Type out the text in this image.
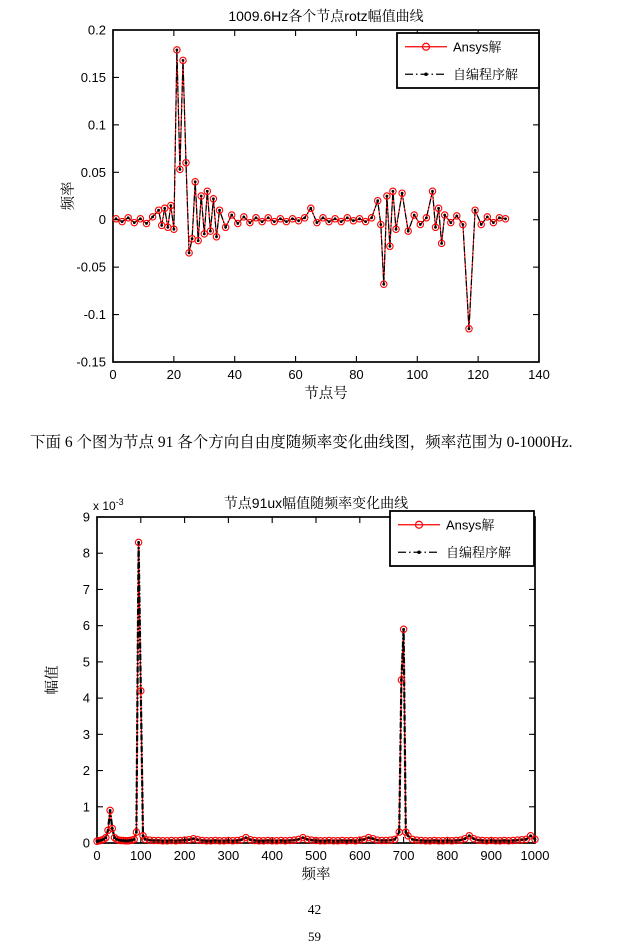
0	20	40	60	80	100	120	140
-0.15
-0.1
-0.05
0
0.05
0.1
0.15
0.2
1009.6Hz各个节点rotz幅值曲线
节点号
频率
Ansys解
自编程序解

下面 6 个图为节点 91 各个方向自由度随频率变化曲线图，频率范围为 0-1000Hz.

0 100 200 300 400 500 600 700 800 900 1000
0
1
2
3
4
5
6
7
8
9
节点91ux幅值随频率变化曲线
频率
幅值
x $10^{-3}$
Ansys解
自编程序解
42
59
